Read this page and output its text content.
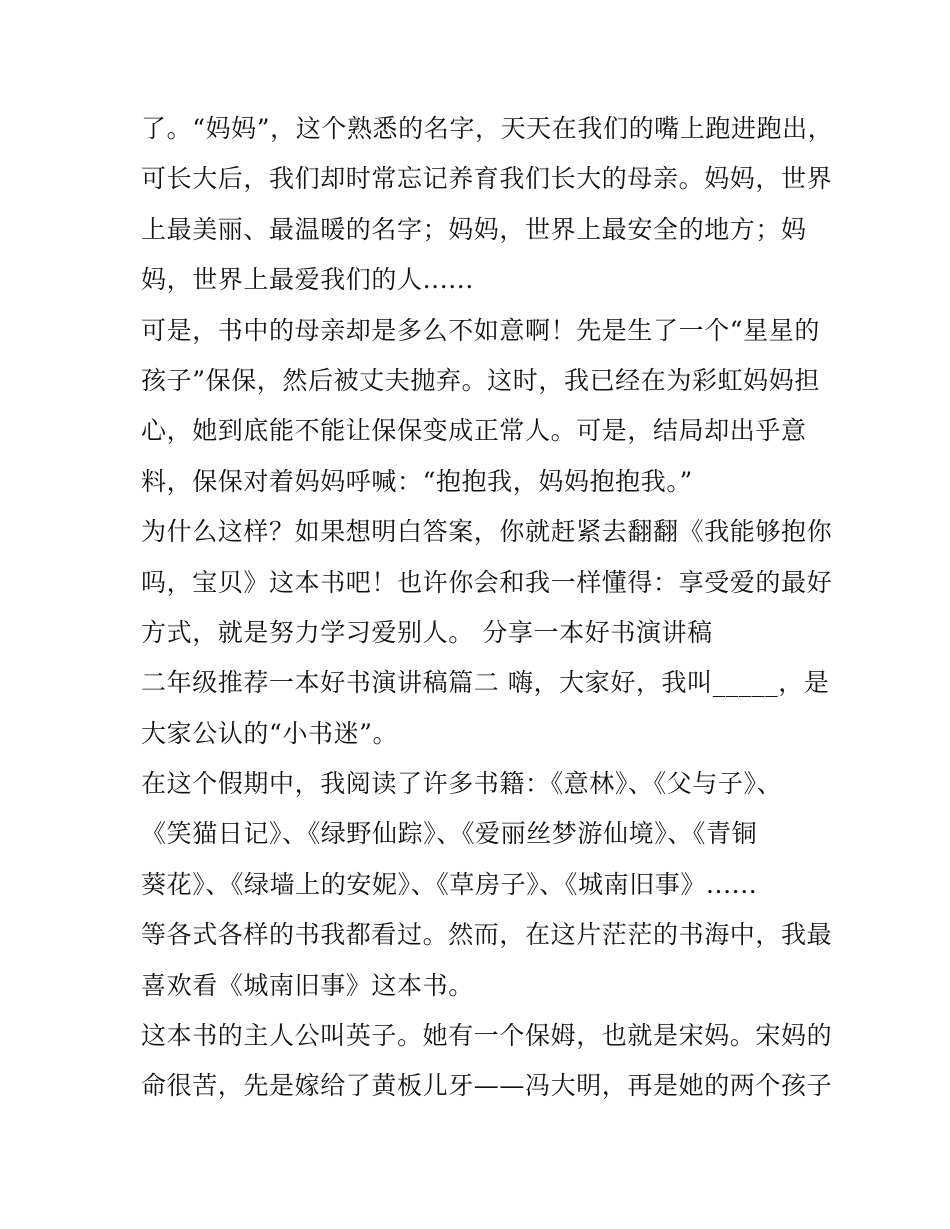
了。“妈妈”，这个熟悉的名字，天天在我们的嘴上跑进跑出，
可长大后，我们却时常忘记养育我们长大的母亲。妈妈，世界
上最美丽、最温暖的名字；妈妈，世界上最安全的地方；妈
妈，世界上最爱我们的人......
可是，书中的母亲却是多么不如意啊！先是生了一个“星星的
孩子”保保，然后被丈夫抛弃。这时，我已经在为彩虹妈妈担
心，她到底能不能让保保变成正常人。可是，结局却出乎意
料，保保对着妈妈呼喊：“抱抱我，妈妈抱抱我。”
为什么这样？如果想明白答案，你就赶紧去翻翻《我能够抱你
吗，宝贝》这本书吧！也许你会和我一样懂得：享受爱的最好
方式，就是努力学习爱别人。 分享一本好书演讲稿
二年级推荐一本好书演讲稿篇二 嗨，大家好，我叫_____，是
大家公认的“小书迷”。
在这个假期中，我阅读了许多书籍：《意林》、《父与子》、
《笑猫日记》、《绿野仙踪》、《爱丽丝梦游仙境》、《青铜
葵花》、《绿墙上的安妮》、《草房子》、《城南旧事》......
等各式各样的书我都看过。然而，在这片茫茫的书海中，我最
喜欢看《城南旧事》这本书。
这本书的主人公叫英子。她有一个保姆，也就是宋妈。宋妈的
命很苦，先是嫁给了黄板儿牙——冯大明，再是她的两个孩子
